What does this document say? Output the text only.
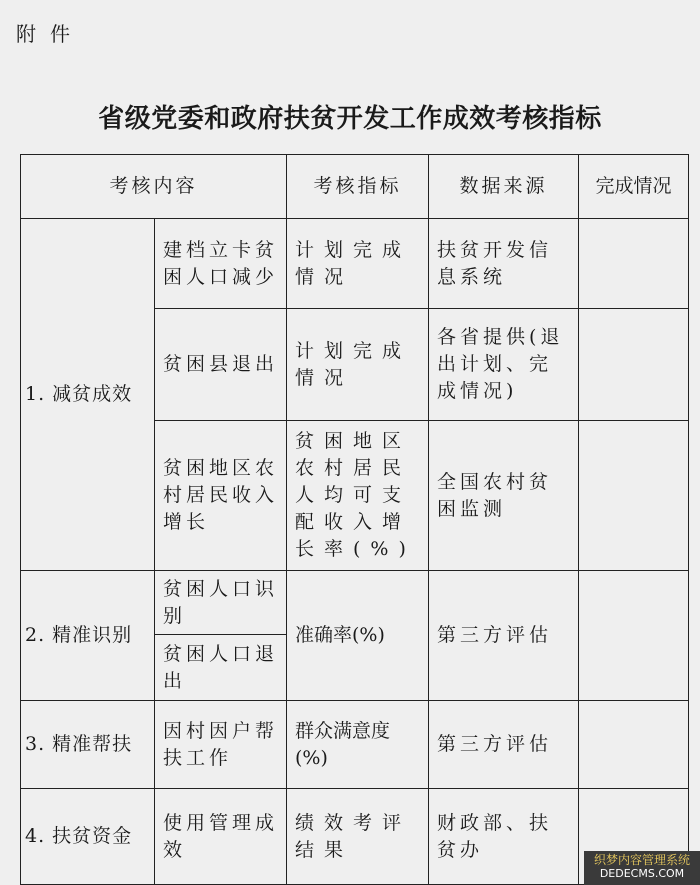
附件
省级党委和政府扶贫开发工作成效考核指标
考核内容		考核指标	数据来源	完成情况
1. 减贫成效	建档立卡贫困人口减少	计划完成情况	扶贫开发信息系统	
	贫困县退出	计划完成情况	各省提供(退出计划、完成情况)	
	贫困地区农村居民收入增长	贫困地区农村居民人均可支配收入增长率(%)	全国农村贫困监测	
2. 精准识别	贫困人口识别	准确率(%)	第三方评估	
	贫困人口退出			
3. 精准帮扶	因村因户帮扶工作	群众满意度(%)	第三方评估	
4. 扶贫资金	使用管理成效	绩效考评结果	财政部、扶贫办		织梦内容管理系统
DEDECMS.COM
